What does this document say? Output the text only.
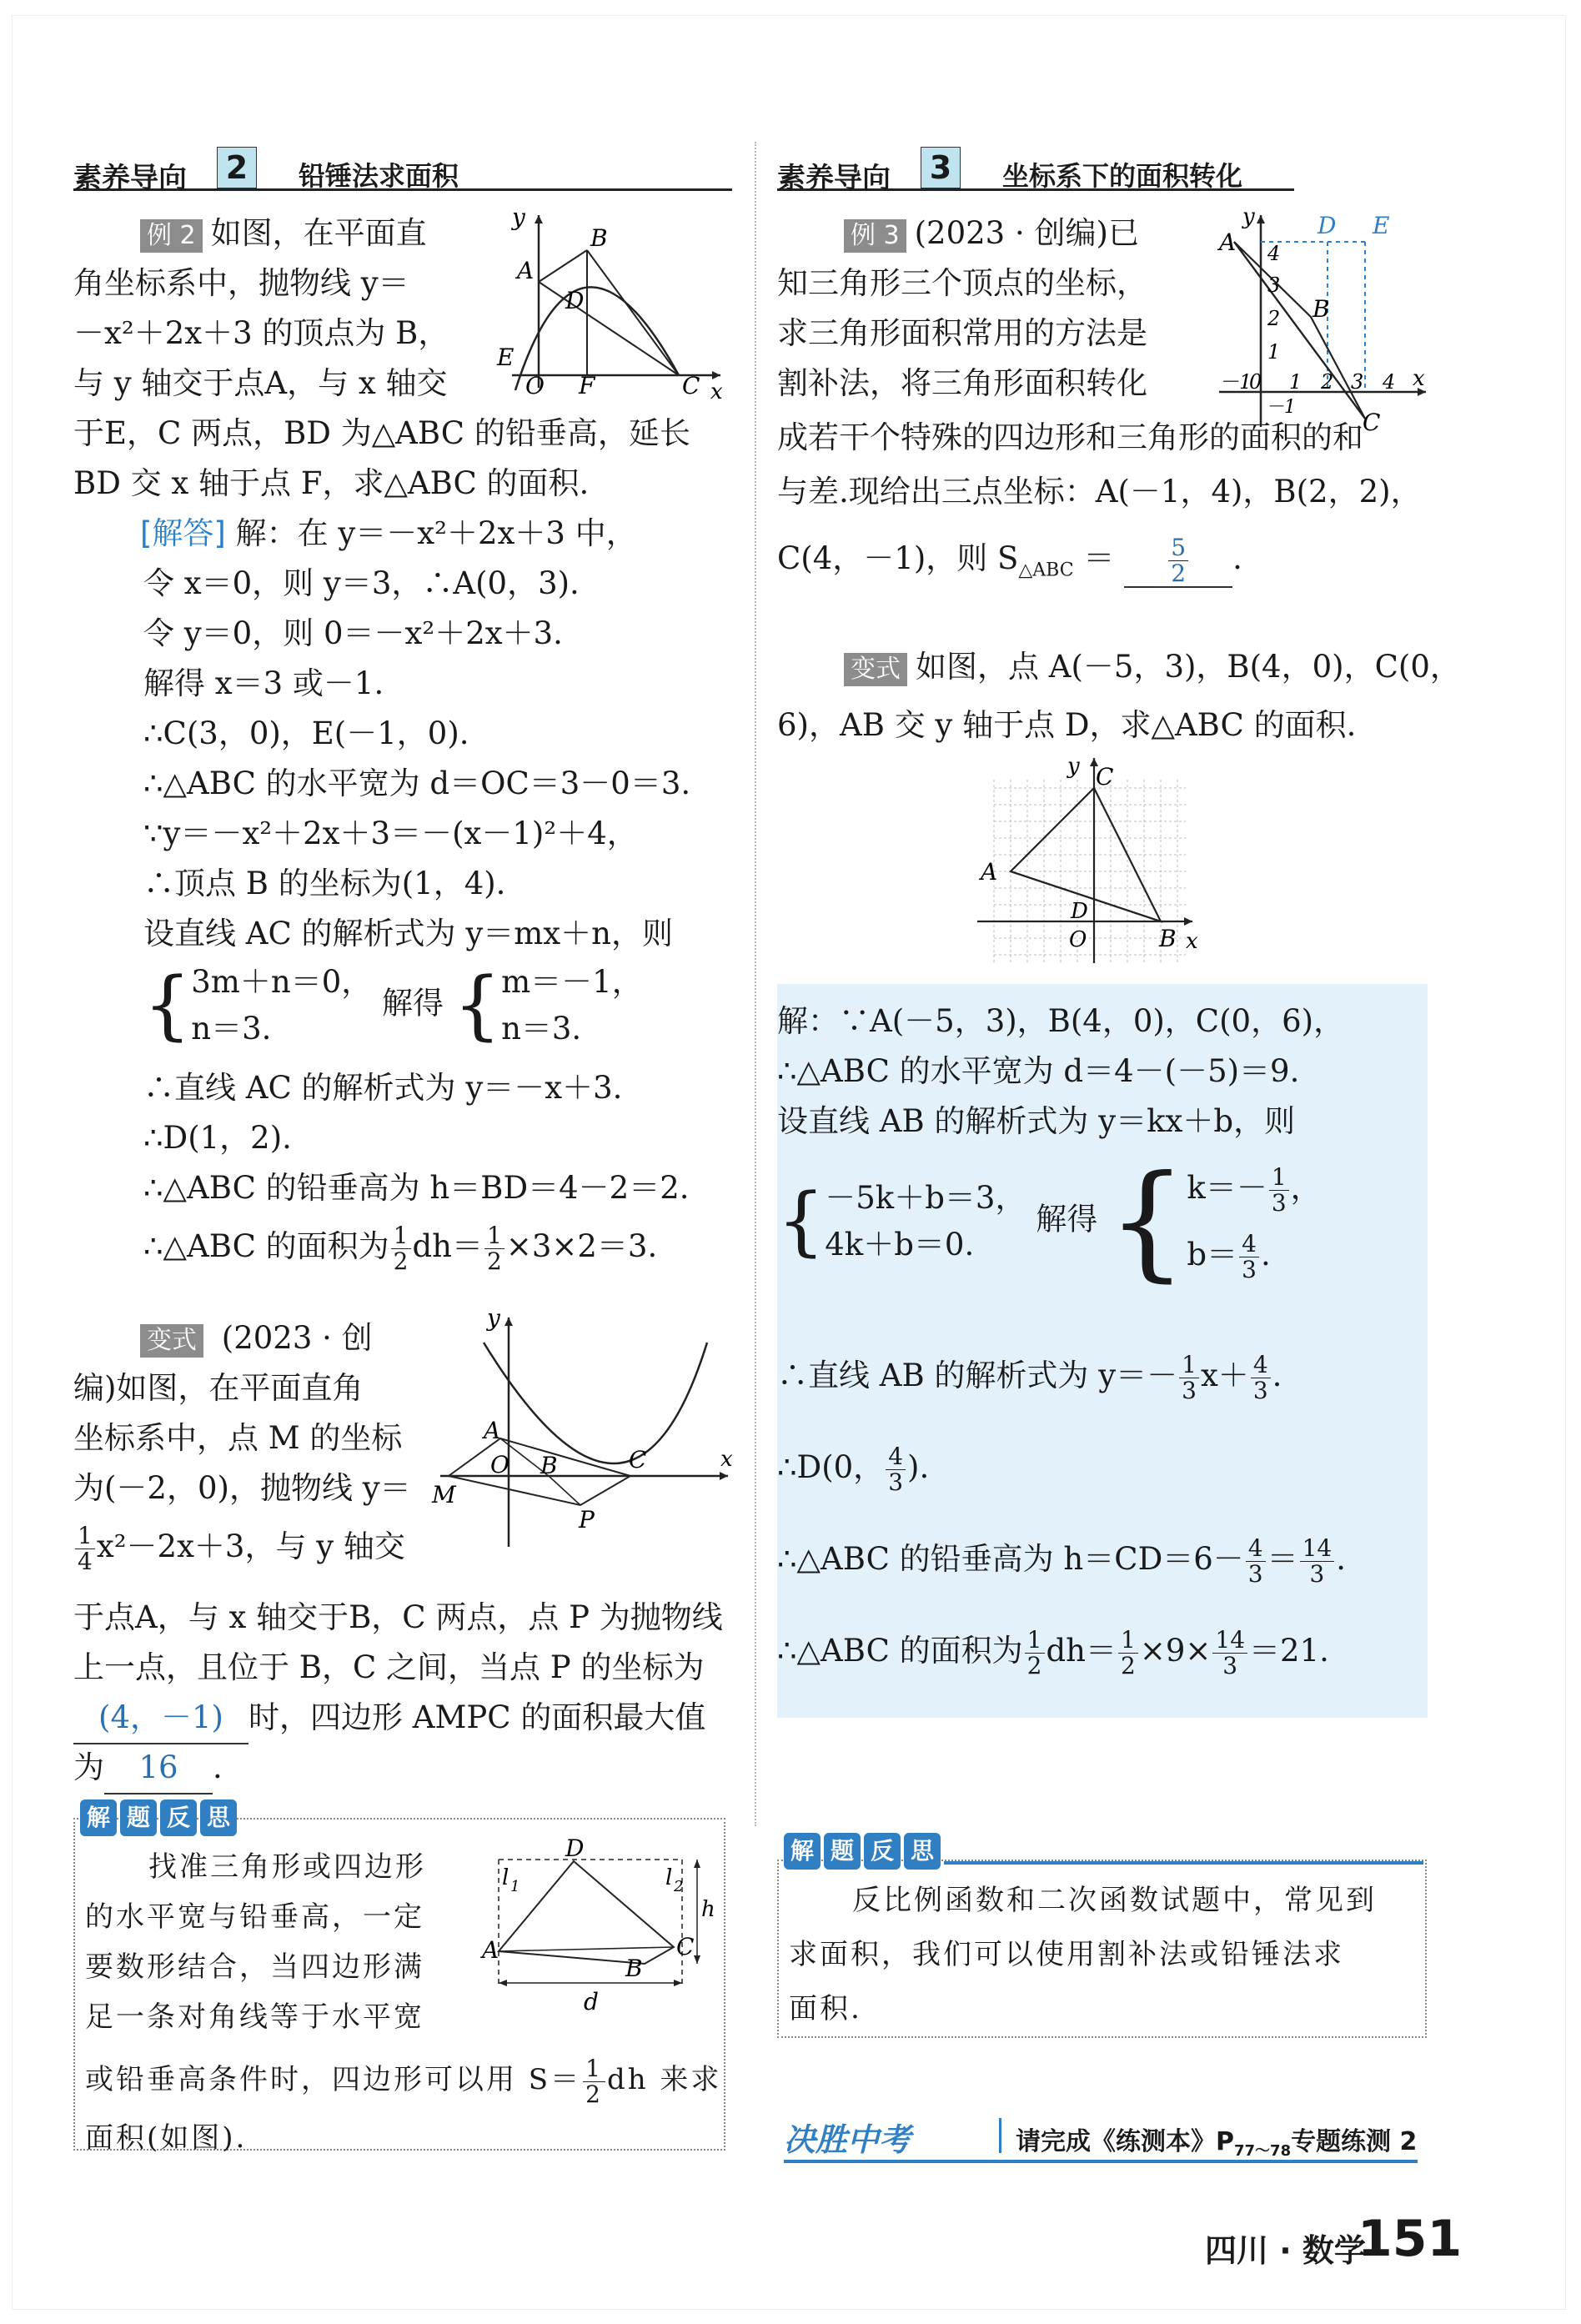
素养导向 2	铅锤法求面积
例 2 如图，在平面直
角坐标系中，抛物线 y＝
－x²＋2x＋3 的顶点为 B，
与 y 轴交于点A，与 x 轴交
于E，C 两点，BD 为△ABC 的铅垂高，延长
BD 交 x 轴于点 F，求△ABC 的面积.
y
x
B
A
D
E
O F	C
[解答] 解：在 y＝－x²＋2x＋3 中，
令 x＝0，则 y＝3，∴A(0，3).
令 y＝0，则 0＝－x²＋2x＋3.
解得 x＝3 或－1.
∴C(3，0)，E(－1，0).
∴△ABC 的水平宽为 d＝OC＝3－0＝3.
∵y＝－x²＋2x＋3＝－(x－1)²＋4，
∴顶点 B 的坐标为(1，4).
设直线 AC 的解析式为 y＝mx＋n，则
{3m＋n＝0，
n＝3. 解得 {m＝－1，
n＝3.
∴直线 AC 的解析式为 y＝－x＋3.
∴D(1，2).
∴△ABC 的铅垂高为 h＝BD＝4－2＝2.
∴△ABC 的面积为 $\frac{1}{2} dh= \frac{1}{2} \times 3\times 2=3$.
变式 (2023 · 创
编)如图，在平面直角
坐标系中，点 M 的坐标
为(－2，0)，抛物线 y＝
$\frac{1}{4} x^2-2x+3$，与 y 轴交
于点A，与 x 轴交于B，C 两点，点 P 为抛物线
上一点，且位于 B，C 之间，当点 P 的坐标为
(4，－1) 时，四边形 AMPC 的面积最大值
为 16 .
y
x
A
O B	C
M
P
解 题 反 思
找准三角形或四边形
的水平宽与铅垂高，一定
要数形结合，当四边形满
足一条对角线等于水平宽
或铅垂高条件时，四边形可以用 $S= \frac{1}{2}$ dh 来求
面积(如图).
D
A
B
C
l 1	l 2
h
d
素养导向 3	坐标系下的面积转化
例 3 (2023 · 创编)已
知三角形三个顶点的坐标，
求三角形面积常用的方法是
割补法，将三角形面积转化
成若干个特殊的四边形和三角形的面积的和
与差.现给出三点坐标：A(－1，4)，B(2，2)，
C(4，－1)，则 $S_{\triangle ABC} = \frac{5}{2}$ .
y
A
D E
B
C
x
4
3
2
1
－1
0 1 2 3 4
－1
变式 如图，点 A(－5，3)，B(4，0)，C(0，
6)，AB 交 y 轴于点 D，求△ABC 的面积.
y C
A
D
O	B x
解：∵A(－5，3)，B(4，0)，C(0，6)，
∴△ABC 的水平宽为 d＝4－(－5)＝9.
设直线 AB 的解析式为 y＝kx＋b，则
{－5k＋b＝3，
4k＋b＝0. 解得 {$k=- \frac{1}{3}$ ，
$b= \frac{4}{3}$ .
∴直线 AB 的解析式为 $y=- \frac{1}{3} x+ \frac{4}{3}$ .
∴D(0， $\frac{4}{3}$ ).
∴△ABC 的铅垂高为 $h=CD=6- \frac{4}{3} = \frac{14}{3}$ .
∴△ABC 的面积为 $\frac{1}{2} dh= \frac{1}{2} \times 9\times \frac{14}{3} =21$.
解 题 反 思
反比例函数和二次函数试题中，常见到
求面积，我们可以使用割补法或铅锤法求
面积.
决胜中考	请完成《练测本》$P_{77\sim 78}$专题练测 2
四川 · 数学
151
